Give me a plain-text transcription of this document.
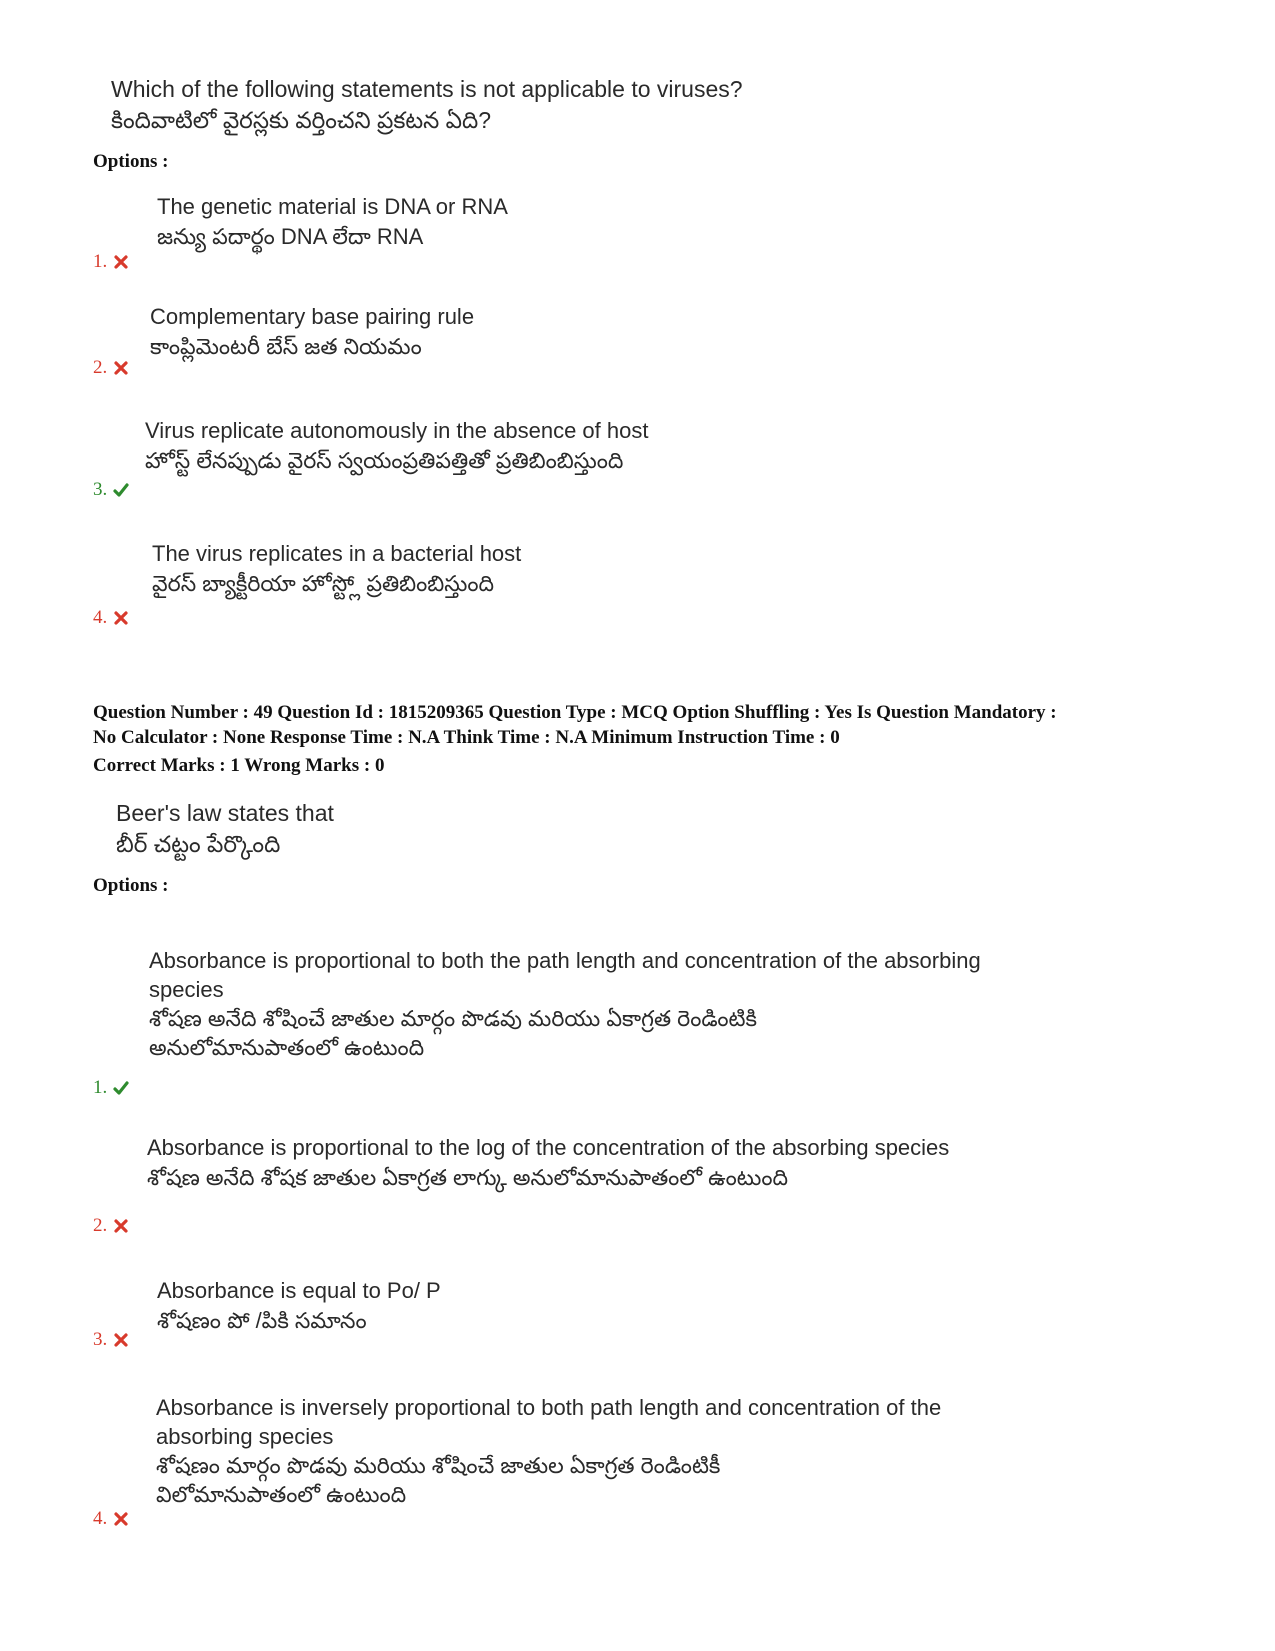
Which of the following statements is not applicable to viruses?
కిందివాటిలో వైరస్లకు వర్తించని ప్రకటన ఏది?
Options :
The genetic material is DNA or RNA
జన్యు పదార్థం DNA లేదా RNA
1.
Complementary base pairing rule
కాంప్లిమెంటరీ బేస్ జత నియమం
2.
Virus replicate autonomously in the absence of host
హోస్ట్ లేనప్పుడు వైరస్ స్వయంప్రతిపత్తితో ప్రతిబింబిస్తుంది
3.
The virus replicates in a bacterial host
వైరస్ బ్యాక్టీరియా హోస్ట్లో ప్రతిబింబిస్తుంది
4.
Question Number : 49 Question Id : 1815209365 Question Type : MCQ Option Shuffling : Yes Is Question Mandatory :
No Calculator : None Response Time : N.A Think Time : N.A Minimum Instruction Time : 0
Correct Marks : 1 Wrong Marks : 0
Beer's law states that
బీర్ చట్టం పేర్కొంది
Options :
Absorbance is proportional to both the path length and concentration of the absorbing
species
శోషణ అనేది శోషించే జాతుల మార్గం పొడవు మరియు ఏకాగ్రత రెండింటికి
అనులోమానుపాతంలో ఉంటుంది
1.
Absorbance is proportional to the log of the concentration of the absorbing species
శోషణ అనేది శోషక జాతుల ఏకాగ్రత లాగ్కు అనులోమానుపాతంలో ఉంటుంది
2.
Absorbance is equal to Po/ P
శోషణం పో /పికి సమానం
3.
Absorbance is inversely proportional to both path length and concentration of the
absorbing species
శోషణం మార్గం పొడవు మరియు శోషించే జాతుల ఏకాగ్రత రెండింటికీ
విలోమానుపాతంలో ఉంటుంది
4.
